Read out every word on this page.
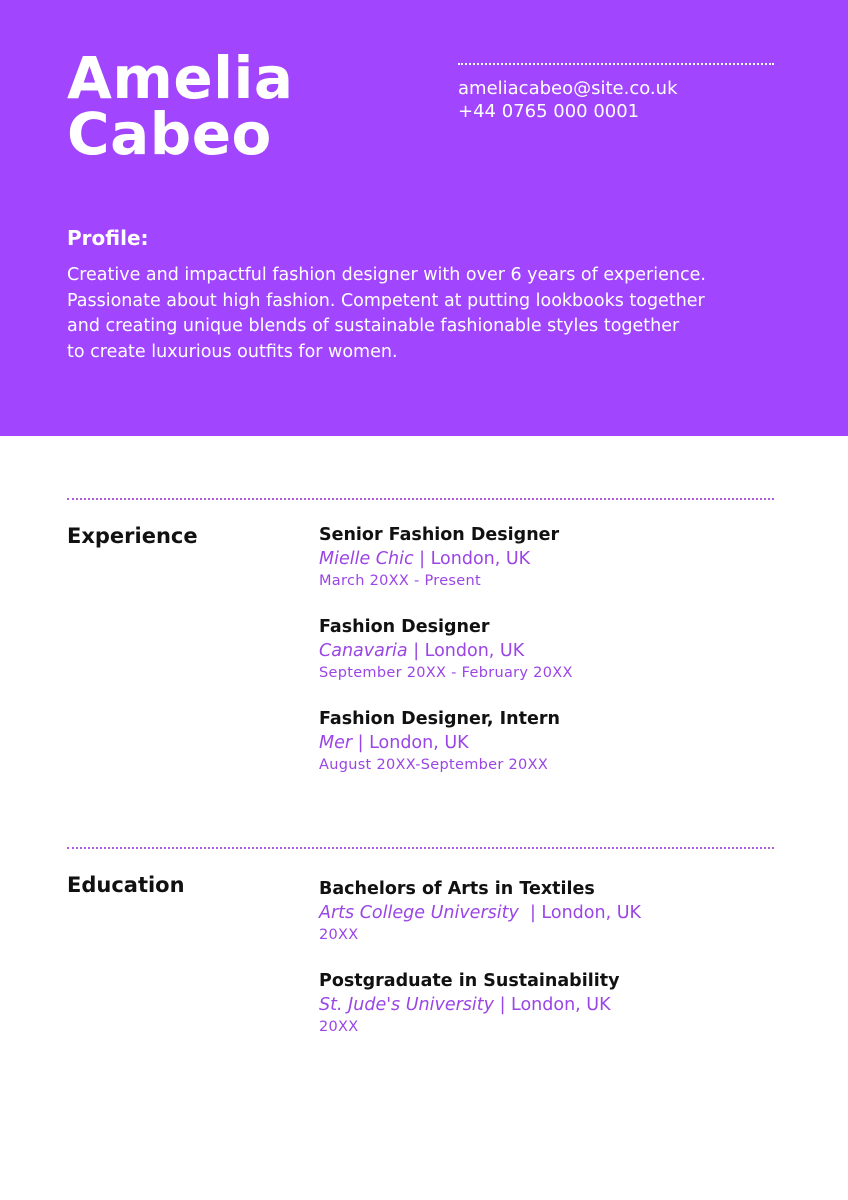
Amelia
Cabeo
ameliacabeo@site.co.uk
+44 0765 000 0001
Profile:
Creative and impactful fashion designer with over 6 years of experience.
Passionate about high fashion. Competent at putting lookbooks together
and creating unique blends of sustainable fashionable styles together
to create luxurious outfits for women.
Experience	Senior Fashion Designer
Mielle Chic | London, UK
March 20XX - Present
Fashion Designer
Canavaria | London, UK
September 20XX - February 20XX
Fashion Designer, Intern
Mer | London, UK
August 20XX-September 20XX
Education	Bachelors of Arts in Textiles
Arts College University  | London, UK
20XX
Postgraduate in Sustainability
St. Jude's University | London, UK
20XX
